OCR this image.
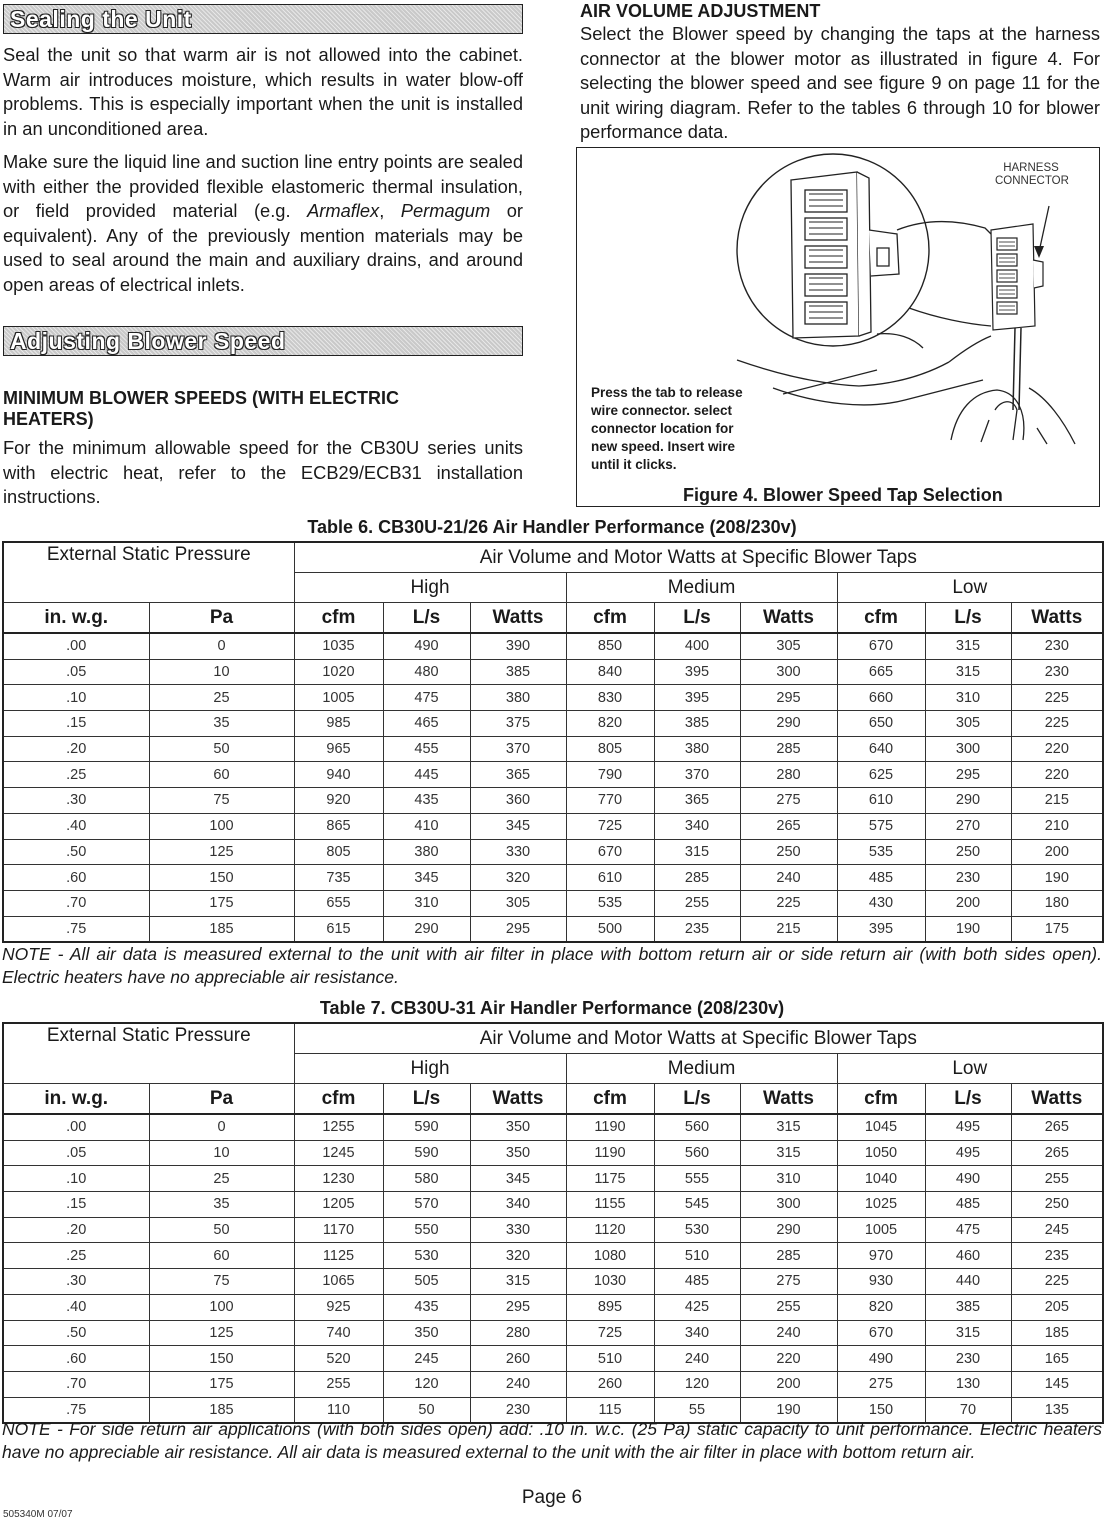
Sealing the Unit

Seal the unit so that warm air is not allowed into the cabinet. Warm air introduces moisture, which results in water blow-off problems. This is especially important when the unit is installed in an unconditioned area.

Make sure the liquid line and suction line entry points are sealed with either the provided flexible elastomeric thermal insulation, or field provided material (e.g. Armaflex, Permagum or equivalent). Any of the previously mention materials may be used to seal around the main and auxiliary drains, and around open areas of electrical inlets.

Adjusting Blower Speed

MINIMUM BLOWER SPEEDS (WITH ELECTRIC HEATERS)

For the minimum allowable speed for the CB30U series units with electric heat, refer to the ECB29/ECB31 installation instructions.

AIR VOLUME ADJUSTMENT

Select the Blower speed by changing the taps at the harness connector at the blower motor as illustrated in figure 4. For selecting the blower speed and see figure 9 on page 11 for the unit wiring diagram. Refer to the tables 6 through 10 for blower performance data.

HARNESS CONNECTOR
Press the tab to release
wire connector. select
connector location for
new speed. Insert wire
until it clicks.
Figure 4. Blower Speed Tap Selection
Table 6. CB30U-21/26 Air Handler Performance (208/230v)
External Static Pressure		Air Volume and Motor Watts at Specific Blower Taps								
		High			Medium			Low		
in. w.g.	Pa	cfm	L/s	Watts	cfm	L/s	Watts	cfm	L/s	Watts
.00	0	1035	490	390	850	400	305	670	315	230
.05	10	1020	480	385	840	395	300	665	315	230
.10	25	1005	475	380	830	395	295	660	310	225
.15	35	985	465	375	820	385	290	650	305	225
.20	50	965	455	370	805	380	285	640	300	220
.25	60	940	445	365	790	370	280	625	295	220
.30	75	920	435	360	770	365	275	610	290	215
.40	100	865	410	345	725	340	265	575	270	210
.50	125	805	380	330	670	315	250	535	250	200
.60	150	735	345	320	610	285	240	485	230	190
.70	175	655	310	305	535	255	225	430	200	180
.75	185	615	290	295	500	235	215	395	190	175

NOTE - All air data is measured external to the unit with air filter in place with bottom return air or side return air (with both sides open). Electric heaters have no appreciable air resistance.

Table 7. CB30U-31 Air Handler Performance (208/230v)
External Static Pressure		Air Volume and Motor Watts at Specific Blower Taps								
		High			Medium			Low		
in. w.g.	Pa	cfm	L/s	Watts	cfm	L/s	Watts	cfm	L/s	Watts
.00	0	1255	590	350	1190	560	315	1045	495	265
.05	10	1245	590	350	1190	560	315	1050	495	265
.10	25	1230	580	345	1175	555	310	1040	490	255
.15	35	1205	570	340	1155	545	300	1025	485	250
.20	50	1170	550	330	1120	530	290	1005	475	245
.25	60	1125	530	320	1080	510	285	970	460	235
.30	75	1065	505	315	1030	485	275	930	440	225
.40	100	925	435	295	895	425	255	820	385	205
.50	125	740	350	280	725	340	240	670	315	185
.60	150	520	245	260	510	240	220	490	230	165
.70	175	255	120	240	260	120	200	275	130	145
.75	185	110	50	230	115	55	190	150	70	135

NOTE - For side return air applications (with both sides open) add: .10 in. w.c. (25 Pa) static capacity to unit performance. Electric heaters have no appreciable air resistance. All air data is measured external to the unit with the air filter in place with bottom return air.

Page 6
505340M 07/07
